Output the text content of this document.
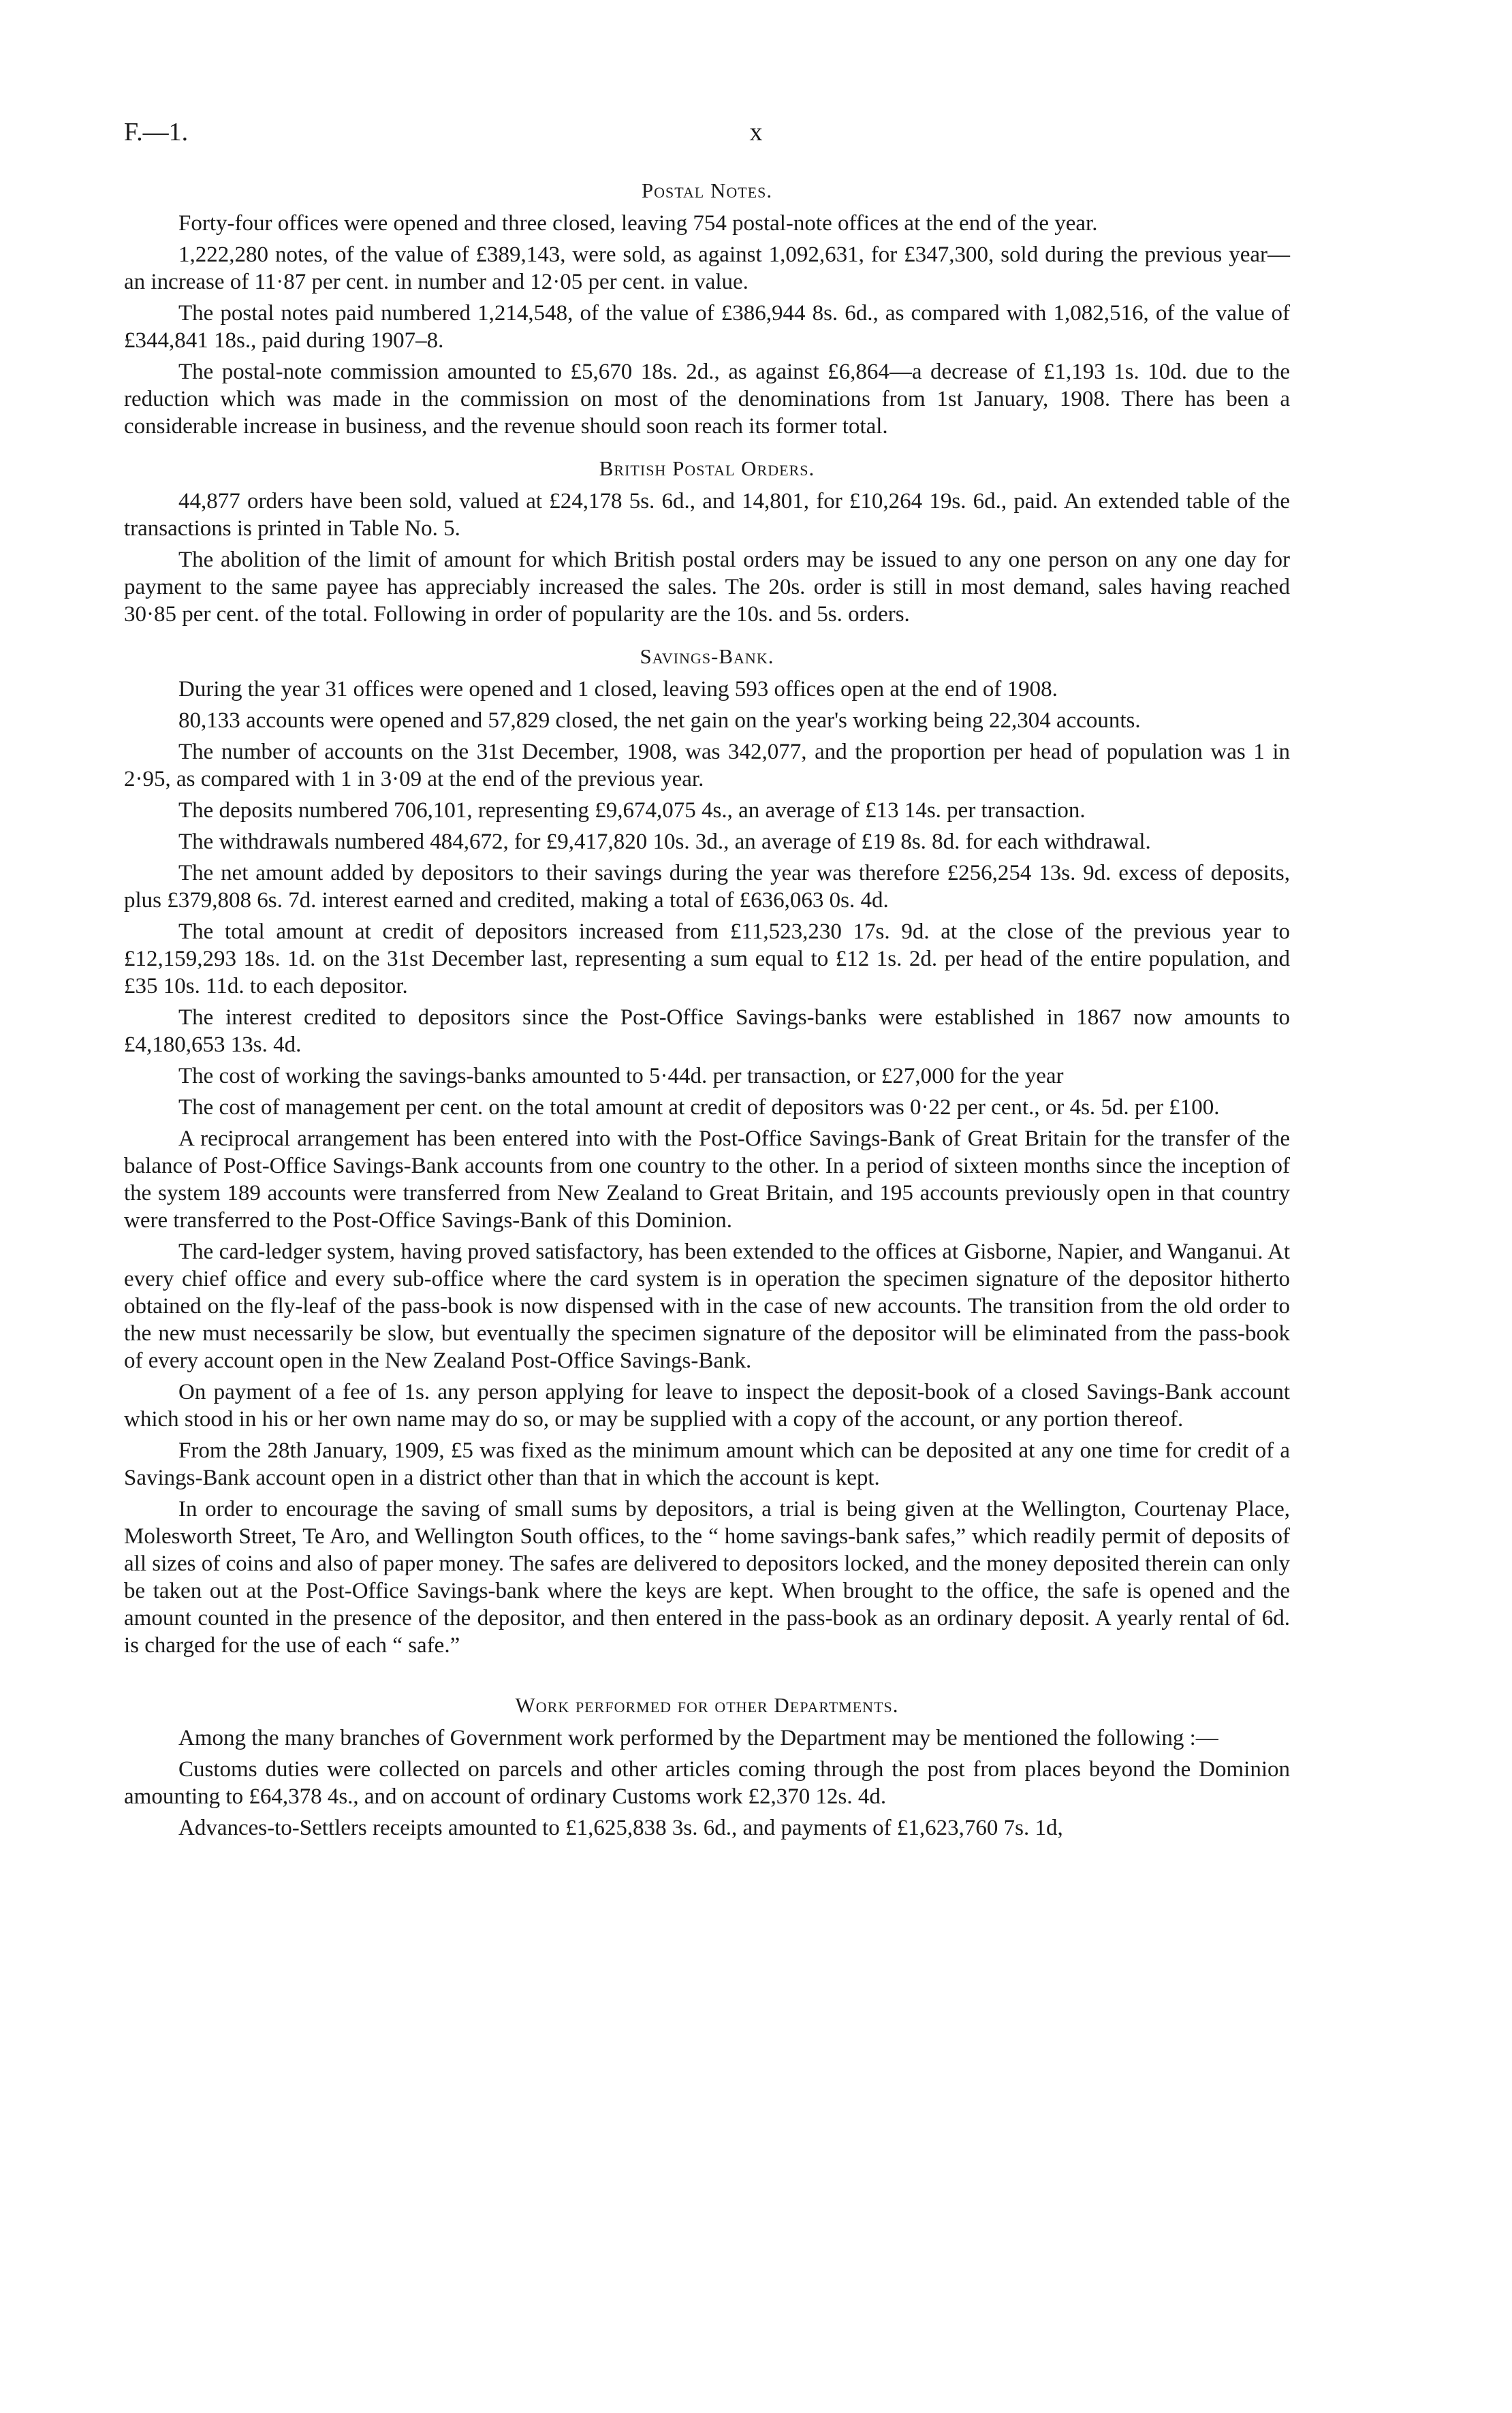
F.—1.	x
Postal Notes.

Forty-four offices were opened and three closed, leaving 754 postal-note offices at the end of the year.

1,222,280 notes, of the value of £389,143, were sold, as against 1,092,631, for £347,300, sold during the previous year—an increase of 11·87 per cent. in number and 12·05 per cent. in value.

The postal notes paid numbered 1,214,548, of the value of £386,944 8s. 6d., as compared with 1,082,516, of the value of £344,841 18s., paid during 1907–8.

The postal-note commission amounted to £5,670 18s. 2d., as against £6,864—a decrease of £1,193 1s. 10d. due to the reduction which was made in the commission on most of the denominations from 1st January, 1908. There has been a considerable increase in business, and the revenue should soon reach its former total.

British Postal Orders.

44,877 orders have been sold, valued at £24,178 5s. 6d., and 14,801, for £10,264 19s. 6d., paid. An extended table of the transactions is printed in Table No. 5.

The abolition of the limit of amount for which British postal orders may be issued to any one person on any one day for payment to the same payee has appreciably increased the sales. The 20s. order is still in most demand, sales having reached 30·85 per cent. of the total. Following in order of popularity are the 10s. and 5s. orders.

Savings-Bank.

During the year 31 offices were opened and 1 closed, leaving 593 offices open at the end of 1908.

80,133 accounts were opened and 57,829 closed, the net gain on the year's working being 22,304 accounts.

The number of accounts on the 31st December, 1908, was 342,077, and the proportion per head of population was 1 in 2·95, as compared with 1 in 3·09 at the end of the previous year.

The deposits numbered 706,101, representing £9,674,075 4s., an average of £13 14s. per transaction.

The withdrawals numbered 484,672, for £9,417,820 10s. 3d., an average of £19 8s. 8d. for each withdrawal.

The net amount added by depositors to their savings during the year was therefore £256,254 13s. 9d. excess of deposits, plus £379,808 6s. 7d. interest earned and credited, making a total of £636,063 0s. 4d.

The total amount at credit of depositors increased from £11,523,230 17s. 9d. at the close of the previous year to £12,159,293 18s. 1d. on the 31st December last, representing a sum equal to £12 1s. 2d. per head of the entire population, and £35 10s. 11d. to each depositor.

The interest credited to depositors since the Post-Office Savings-banks were established in 1867 now amounts to £4,180,653 13s. 4d.

The cost of working the savings-banks amounted to 5·44d. per transaction, or £27,000 for the year

The cost of management per cent. on the total amount at credit of depositors was 0·22 per cent., or 4s. 5d. per £100.

A reciprocal arrangement has been entered into with the Post-Office Savings-Bank of Great Britain for the transfer of the balance of Post-Office Savings-Bank accounts from one country to the other. In a period of sixteen months since the inception of the system 189 accounts were transferred from New Zealand to Great Britain, and 195 accounts previously open in that country were transferred to the Post-Office Savings-Bank of this Dominion.

The card-ledger system, having proved satisfactory, has been extended to the offices at Gisborne, Napier, and Wanganui. At every chief office and every sub-office where the card system is in operation the specimen signature of the depositor hitherto obtained on the fly-leaf of the pass-book is now dispensed with in the case of new accounts. The transition from the old order to the new must necessarily be slow, but eventually the specimen signature of the depositor will be eliminated from the pass-book of every account open in the New Zealand Post-Office Savings-Bank.

On payment of a fee of 1s. any person applying for leave to inspect the deposit-book of a closed Savings-Bank account which stood in his or her own name may do so, or may be supplied with a copy of the account, or any portion thereof.

From the 28th January, 1909, £5 was fixed as the minimum amount which can be deposited at any one time for credit of a Savings-Bank account open in a district other than that in which the account is kept.

In order to encourage the saving of small sums by depositors, a trial is being given at the Wellington, Courtenay Place, Molesworth Street, Te Aro, and Wellington South offices, to the “ home savings-bank safes,” which readily permit of deposits of all sizes of coins and also of paper money. The safes are delivered to depositors locked, and the money deposited therein can only be taken out at the Post-Office Savings-bank where the keys are kept. When brought to the office, the safe is opened and the amount counted in the presence of the depositor, and then entered in the pass-book as an ordinary deposit. A yearly rental of 6d. is charged for the use of each “ safe.”

Work performed for other Departments.

Among the many branches of Government work performed by the Department may be mentioned the following :—

Customs duties were collected on parcels and other articles coming through the post from places beyond the Dominion amounting to £64,378 4s., and on account of ordinary Customs work £2,370 12s. 4d.

Advances-to-Settlers receipts amounted to £1,625,838 3s. 6d., and payments of £1,623,760 7s. 1d,
